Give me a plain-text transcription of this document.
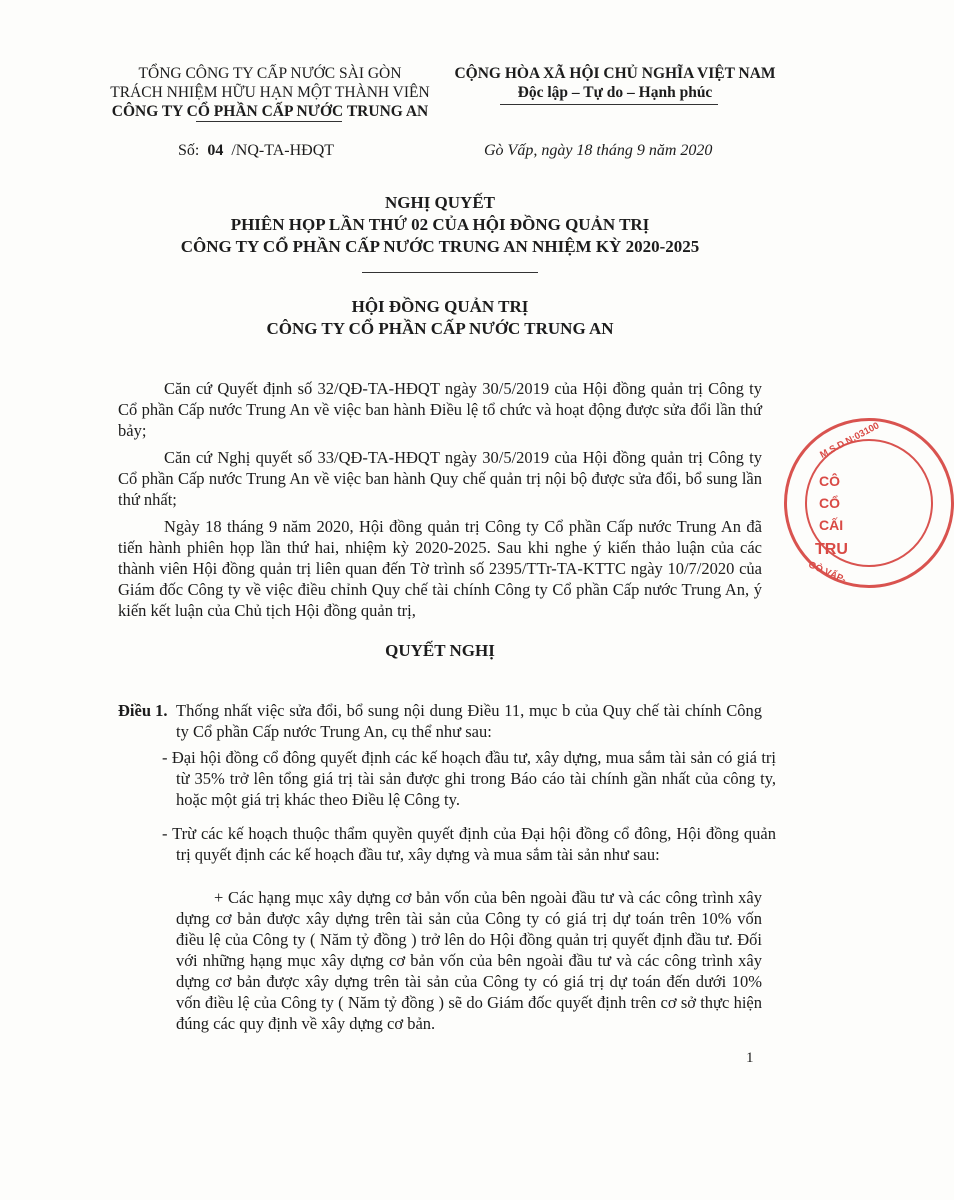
TỔNG CÔNG TY CẤP NƯỚC SÀI GÒN
TRÁCH NHIỆM HỮU HẠN MỘT THÀNH VIÊN
CÔNG TY CỔ PHẦN CẤP NƯỚC TRUNG AN
CỘNG HÒA XÃ HỘI CHỦ NGHĨA VIỆT NAM
Độc lập – Tự do – Hạnh phúc
Số: 04 /NQ-TA-HĐQT	Gò Vấp, ngày 18 tháng 9 năm 2020
NGHỊ QUYẾT
PHIÊN HỌP LẦN THỨ 02 CỦA HỘI ĐỒNG QUẢN TRỊ
CÔNG TY CỔ PHẦN CẤP NƯỚC TRUNG AN NHIỆM KỲ 2020-2025
HỘI ĐỒNG QUẢN TRỊ
CÔNG TY CỔ PHẦN CẤP NƯỚC TRUNG AN
Căn cứ Quyết định số 32/QĐ-TA-HĐQT ngày 30/5/2019 của Hội đồng quản trị Công ty Cổ phần Cấp nước Trung An về việc ban hành Điều lệ tổ chức và hoạt động được sửa đổi lần thứ bảy;
Căn cứ Nghị quyết số 33/QĐ-TA-HĐQT ngày 30/5/2019 của Hội đồng quản trị Công ty Cổ phần Cấp nước Trung An về việc ban hành Quy chế quản trị nội bộ được sửa đổi, bổ sung lần thứ nhất;
Ngày 18 tháng 9 năm 2020, Hội đồng quản trị Công ty Cổ phần Cấp nước Trung An đã tiến hành phiên họp lần thứ hai, nhiệm kỳ 2020-2025. Sau khi nghe ý kiến thảo luận của các thành viên Hội đồng quản trị liên quan đến Tờ trình số 2395/TTr-TA-KTTC ngày 10/7/2020 của Giám đốc Công ty về việc điều chỉnh Quy chế tài chính Công ty Cổ phần Cấp nước Trung An, ý kiến kết luận của Chủ tịch Hội đồng quản trị,
QUYẾT NGHỊ
Điều 1. Thống nhất việc sửa đổi, bổ sung nội dung Điều 11, mục b của Quy chế tài chính Công ty Cổ phần Cấp nước Trung An, cụ thể như sau:
- Đại hội đồng cổ đông quyết định các kế hoạch đầu tư, xây dựng, mua sắm tài sản có giá trị từ 35% trở lên tổng giá trị tài sản được ghi trong Báo cáo tài chính gần nhất của công ty, hoặc một giá trị khác theo Điều lệ Công ty.
- Trừ các kế hoạch thuộc thẩm quyền quyết định của Đại hội đồng cổ đông, Hội đồng quản trị quyết định các kế hoạch đầu tư, xây dựng và mua sắm tài sản như sau:
+ Các hạng mục xây dựng cơ bản vốn của bên ngoài đầu tư và các công trình xây dựng cơ bản được xây dựng trên tài sản của Công ty có giá trị dự toán trên 10% vốn điều lệ của Công ty ( Năm tỷ đồng ) trở lên do Hội đồng quản trị quyết định đầu tư. Đối với những hạng mục xây dựng cơ bản vốn của bên ngoài đầu tư và các công trình xây dựng cơ bản được xây dựng trên tài sản của Công ty có giá trị dự toán đến dưới 10% vốn điều lệ của Công ty ( Năm tỷ đồng ) sẽ do Giám đốc quyết định trên cơ sở thực hiện đúng các quy định về xây dựng cơ bản.
1
M.S.D.N:03100
GÒ VẤP-
CÔ
CỔ
CẤI
TRU
